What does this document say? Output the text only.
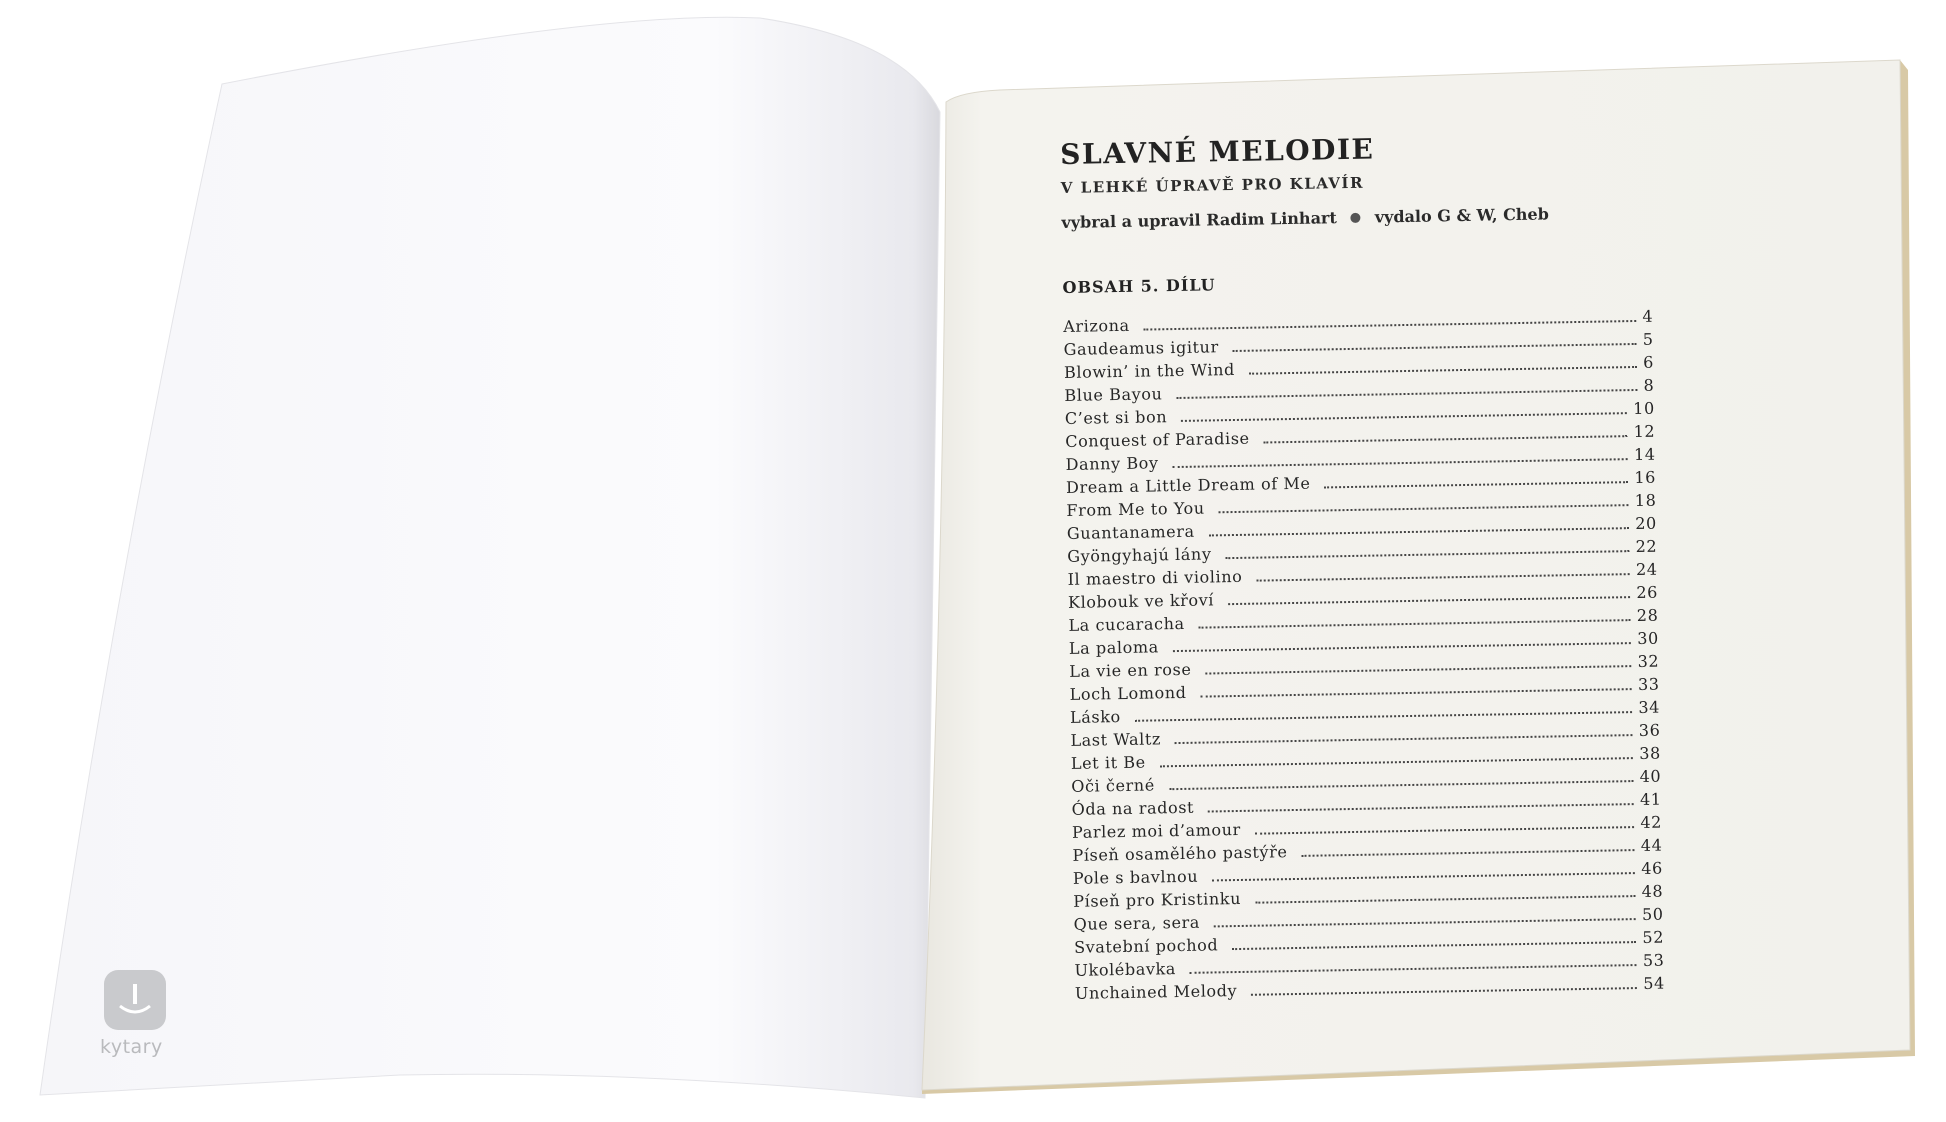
SLAVNÉ MELODIE
V LEHKÉ ÚPRAVĚ PRO KLAVÍR
vybral a upravil Radim Linhart vydalo G & W, Cheb
OBSAH 5. DÍLU
Arizona	4
Gaudeamus igitur	5
Blowin’ in the Wind	6
Blue Bayou	8
C’est si bon	10
Conquest of Paradise	12
Danny Boy	14
Dream a Little Dream of Me	16
From Me to You	18
Guantanamera	20
Gyöngyhajú lány	22
Il maestro di violino	24
Klobouk ve křoví	26
La cucaracha	28
La paloma	30
La vie en rose	32
Loch Lomond	33
Lásko	34
Last Waltz	36
Let it Be	38
Oči černé	40
Óda na radost	41
Parlez moi d’amour	42
Píseň osamělého pastýře	44
Pole s bavlnou	46
Píseň pro Kristinku	48
Que sera, sera	50
Svatební pochod	52
Ukolébavka	53
Unchained Melody	54
kytary
